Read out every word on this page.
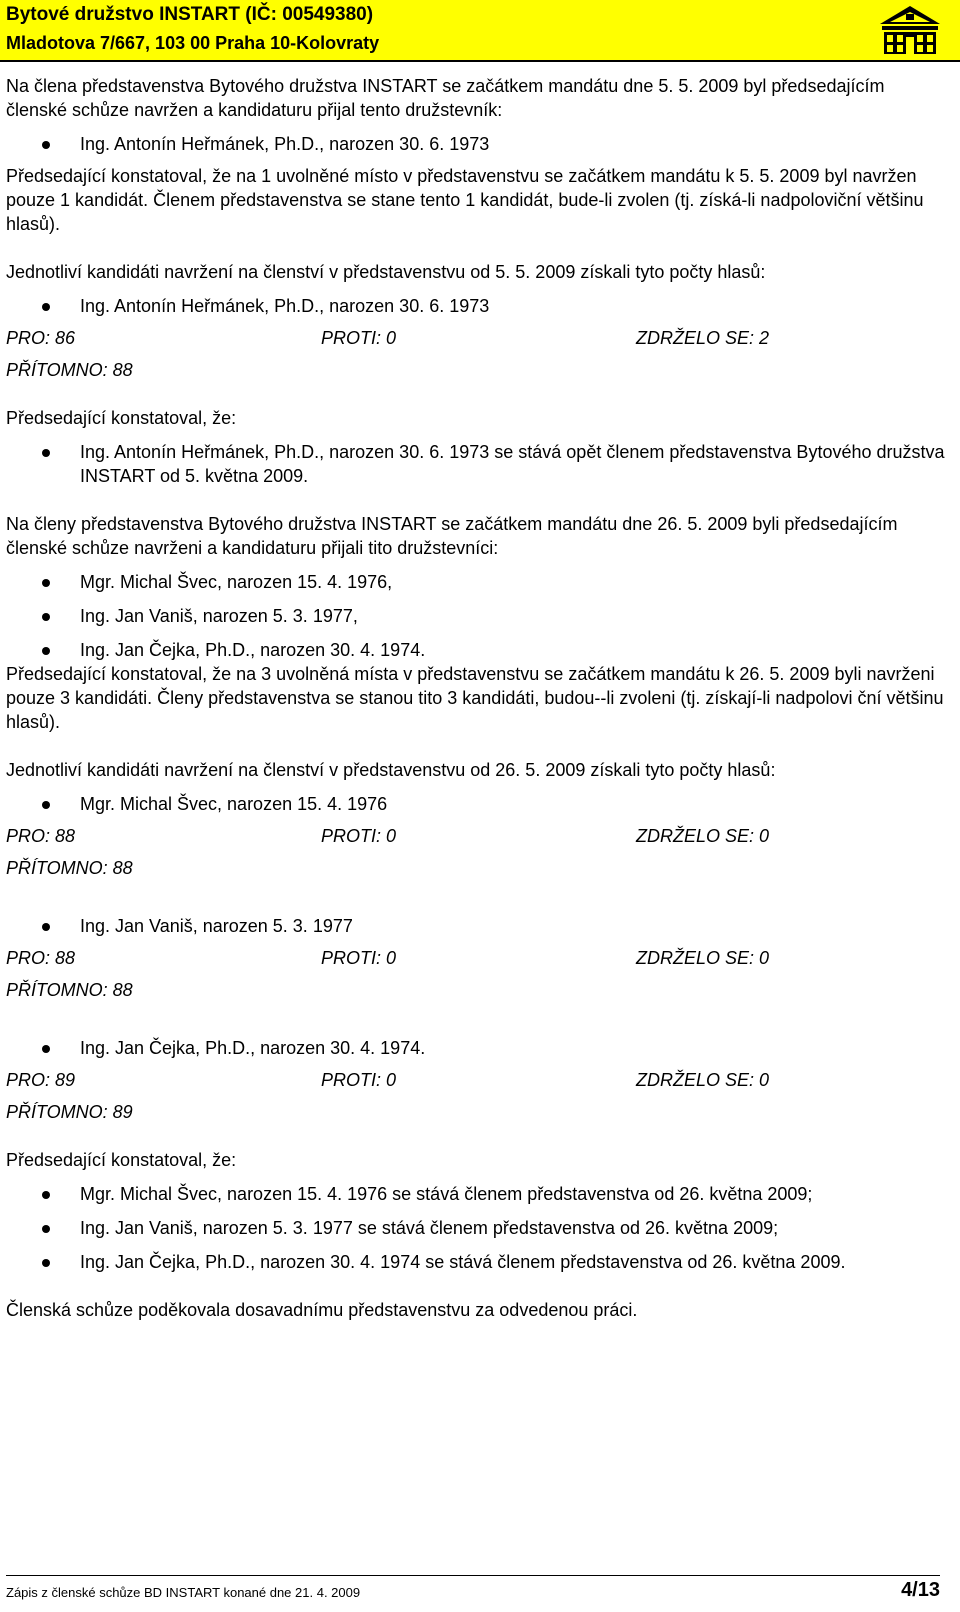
Bytové družstvo INSTART (IČ: 00549380)
Mladotova 7/667, 103 00 Praha 10-Kolovraty

Na člena představenstva Bytového družstva INSTART se začátkem mandátu dne 5. 5. 2009 byl předsedajícím členské schůze navržen a kandidaturu přijal tento družstevník:

Ing. Antonín Heřmánek, Ph.D., narozen 30. 6. 1973

Předsedající konstatoval, že na 1 uvolněné místo v představenstvu se začátkem mandátu k 5. 5. 2009 byl navržen pouze 1 kandidát. Členem představenstva se stane tento 1 kandidát, bude-li zvolen (tj. získá-li nadpoloviční většinu hlasů).

Jednotliví kandidáti navržení na členství v představenstvu od 5. 5. 2009 získali tyto počty hlasů:

Ing. Antonín Heřmánek, Ph.D., narozen 30. 6. 1973
PRO: 86	PROTI: 0	ZDRŽELO SE: 2
PŘÍTOMNO: 88

Předsedající konstatoval, že:

Ing. Antonín Heřmánek, Ph.D., narozen 30. 6. 1973 se stává opět členem představenstva Bytového družstva INSTART od 5. května 2009.

Na členy představenstva Bytového družstva INSTART se začátkem mandátu dne 26. 5. 2009 byli předsedajícím členské schůze navrženi a kandidaturu přijali tito družstevníci:

Mgr. Michal Švec, narozen 15. 4. 1976,
Ing. Jan Vaniš, narozen 5. 3. 1977,
Ing. Jan Čejka, Ph.D., narozen 30. 4. 1974.

Předsedající konstatoval, že na 3 uvolněná místa v představenstvu se začátkem mandátu k 26. 5. 2009 byli navrženi pouze 3 kandidáti. Členy představenstva se stanou tito 3 kandidáti, budou--li zvoleni (tj. získají-li nadpolovi ční většinu hlasů).

Jednotliví kandidáti navržení na členství v představenstvu od 26. 5. 2009 získali tyto počty hlasů:

Mgr. Michal Švec, narozen 15. 4. 1976
PRO: 88	PROTI: 0	ZDRŽELO SE: 0
PŘÍTOMNO: 88
Ing. Jan Vaniš, narozen 5. 3. 1977
PRO: 88	PROTI: 0	ZDRŽELO SE: 0
PŘÍTOMNO: 88
Ing. Jan Čejka, Ph.D., narozen 30. 4. 1974.
PRO: 89	PROTI: 0	ZDRŽELO SE: 0
PŘÍTOMNO: 89

Předsedající konstatoval, že:

Mgr. Michal Švec, narozen 15. 4. 1976 se stává členem představenstva od 26. května 2009;
Ing. Jan Vaniš, narozen 5. 3. 1977 se stává členem představenstva od 26. května 2009;
Ing. Jan Čejka, Ph.D., narozen 30. 4. 1974 se stává členem představenstva od 26. května 2009.

Členská schůze poděkovala dosavadnímu představenstvu za odvedenou práci.

Zápis z členské schůze BD INSTART konané dne 21. 4. 2009	4/13
